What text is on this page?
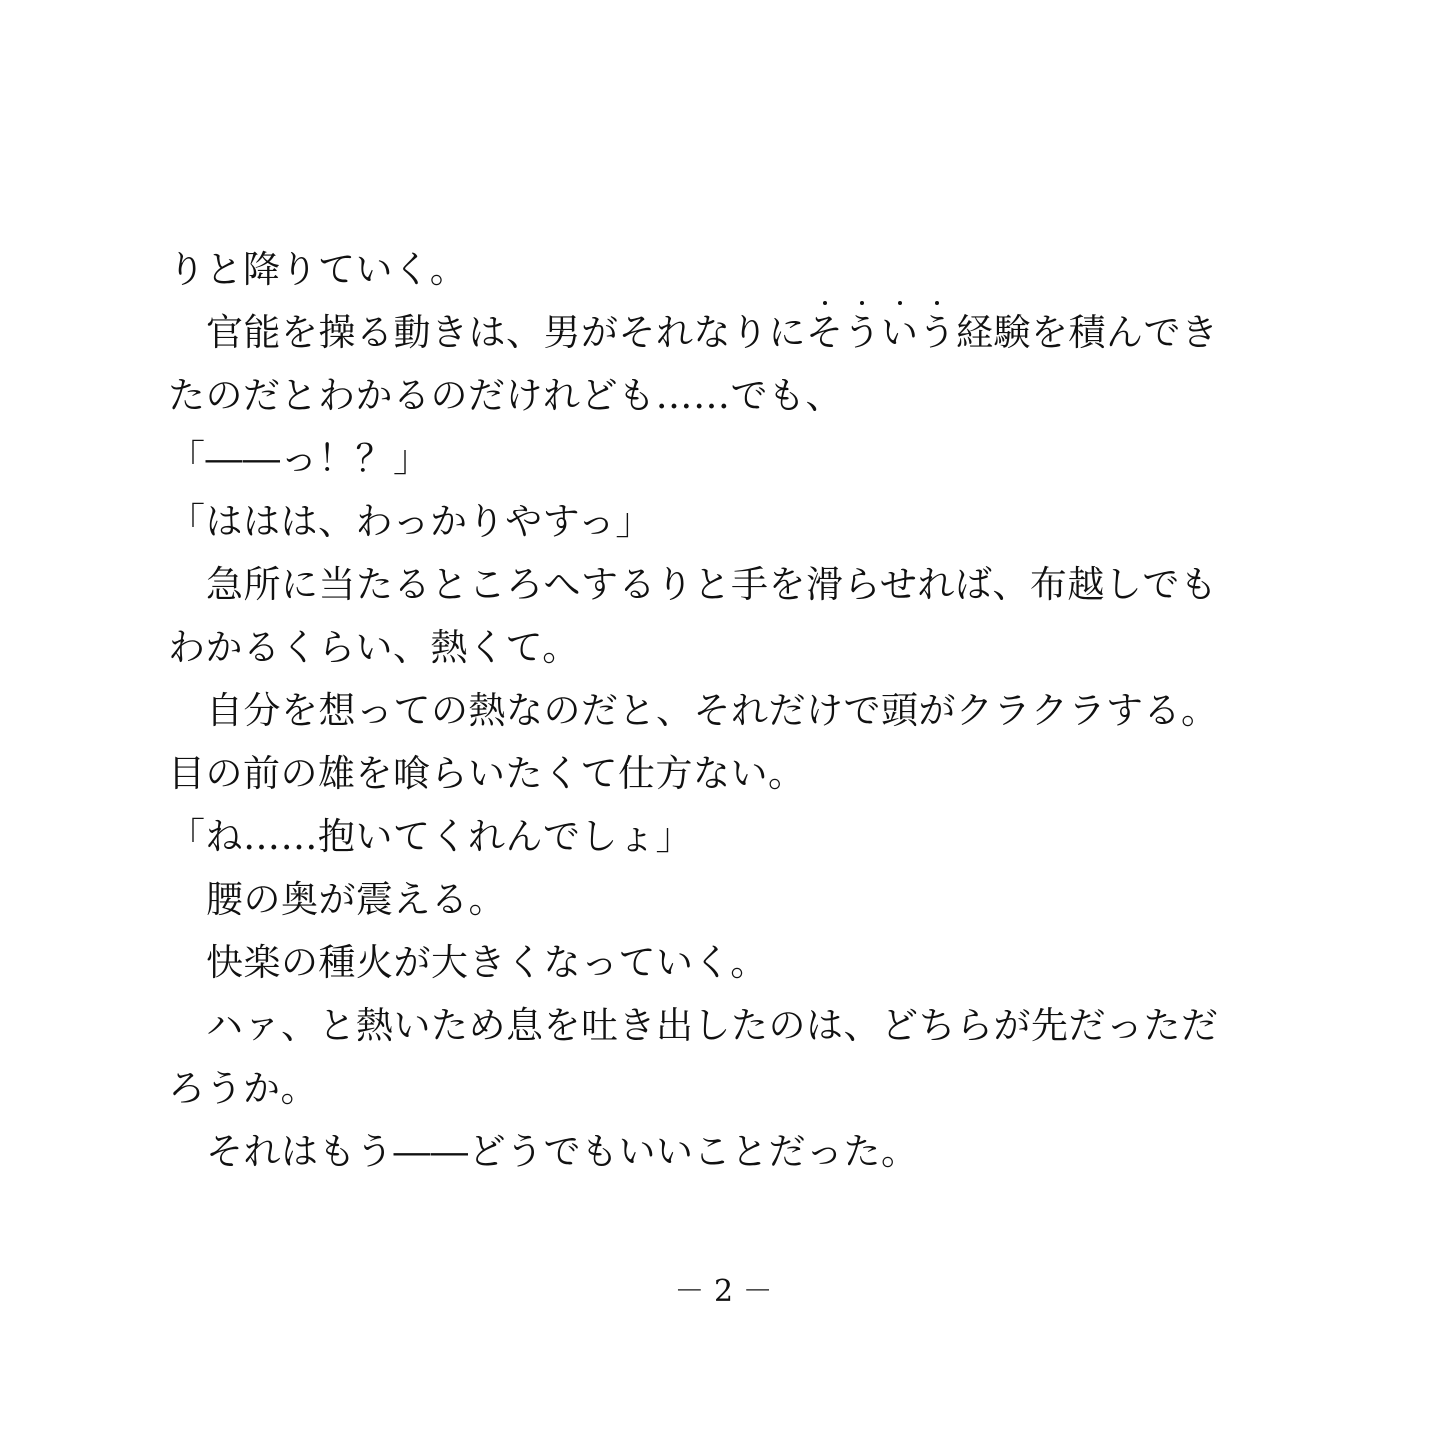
りと降りていく。
官能を操る動きは、男がそれなりに
そういう経験を積んでき
たのだとわかるのだけれども……でも、
「――っ！？」
「ははは、わっかりやすっ」
急所に当たるところへするりと手を滑らせれば、布越しでも
わかるくらい、熱くて。
自分を想っての熱なのだと、それだけで頭がクラクラする。
目の前の雄を喰らいたくて仕方ない。
「ね……抱いてくれんでしょ」
腰の奥が震える。
快楽の種火が大きくなっていく。
ハァ、と熱いため息を吐き出したのは、どちらが先だっただ
ろうか。
それはもう――どうでもいいことだった。
－ 2 －
